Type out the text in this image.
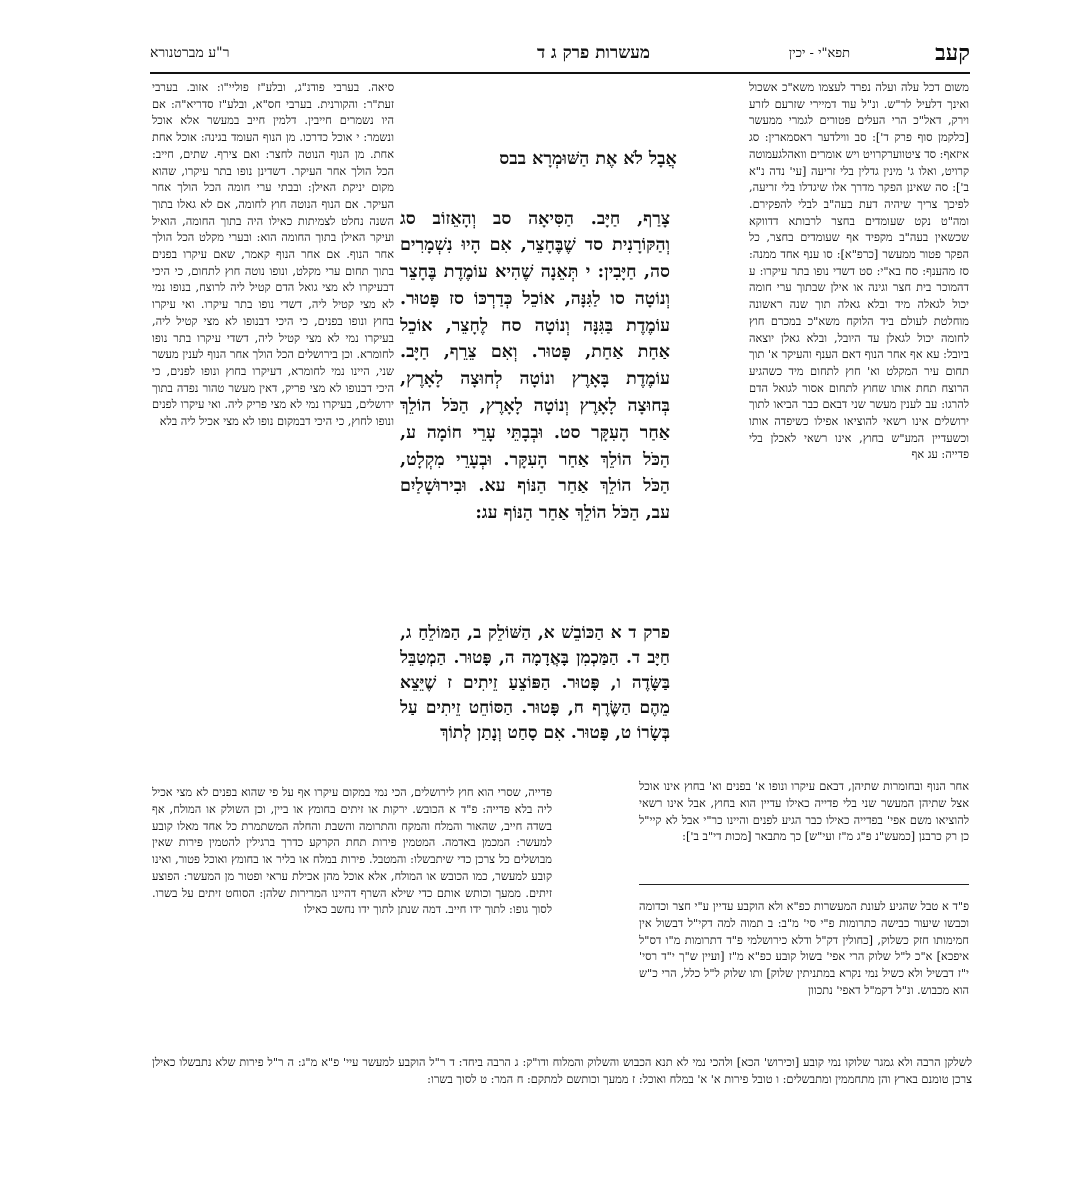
קעב
תפא"י - יכין
מעשרות פרק ג ד
ר"ע מברטנורא

משום דכל עלה ועלה נפרד לעצמו משא"כ אשכול ואינך דלעיל לר"ש. ונ"ל עוד דמיירי שזרעם לזרע וירק, דאל"כ הרי העלים פטורים לגמרי ממעשר [כלקמן סוף פרק ד']: סב ווילדער ראסמארין: סג איזאף: סד ציטווערקרויט ויש אומרים וואהלגעמוטה קרויט, ואלו ג' מינין גדלין בלי זריעה [עי' נדה נ"א ב']: סה שאינן הפקר מדרך אלו שיגדלו בלי זריעה, לפיכך צריך שיהיה דעת בעה"ב לבלי להפקירם. ומה"ט נקט שעומדים בחצר לרבותא דדווקא שכשאין בעה"ב מקפיד אף שעומדים בחצר, כל הפקר פטור ממעשר [כרפ"א]: סו ענף אחד ממנה: סז מהענף: סח בא"י: סט דשדי נופו בתר עיקרו: ע דהמוכר בית חצר וגינה או אילן שבתוך ערי חומה יכול לגאלה מיד ובלא גאלה תוך שנה ראשונה מוחלטת לעולם ביד הלוקח משא"כ במכרם חוץ לחומה יכול לגאלן עד היובל, ובלא גאלן יוצאה ביובל: עא אף אחר הנוף דאם הענף והעיקר א' תוך תחום עיר המקלט וא' חוץ לתחום מיד כשהגיע הרוצח תחת אותו שחוץ לתחום אסור לגואל הדם להרגו: עב לענין מעשר שני דבאם כבר הביאו לתוך ירושלים אינו רשאי להוציאו אפילו כשיפדה אותו וכשעדיין המע"ש בחוץ, אינו רשאי לאכלן בלי פדייה: עג אף

סיאה. בערבי פודנ"ג, ובלע"ז פוליי"ו: אזוב. בערבי זעת"ר: והקורנית. בערבי חס"א, ובלע"ז סדריא"ה: אם היו נשמרים חייבין. דלמין חייב במעשר אלא אוכל ונשמר: י אוכל כדרכו. מן הנוף העומד בגינה: אוכל אחת אחת. מן הנוף הנוטה לחצר: ואם צירף. שתים, חייב: הכל הולך אחר העיקר. דשדינן נופו בתר עיקרו, שהוא מקום יניקת האילן: ובבתי ערי חומה הכל הולך אחר העיקר. אם הנוף הנוטה חוץ לחומה, אם לא גאלו בתוך השנה נחלט לצמיתות כאילו היה בתוך החומה, הואיל ועיקר האילן בתוך החומה הוא: ובערי מקלט הכל הולך אחר הנוף. אם אחר הנוף קאמר, שאם עיקרו בפנים בתוך תחום ערי מקלט, ונופו נוטה חוץ לתחום, כי היכי דבעיקרו לא מצי גואל הדם קטיל ליה לרוצח, בנופו נמי לא מצי קטיל ליה, דשדי נופו בתר עיקרו. ואי עיקרו בחוץ ונופו בפנים, כי היכי דבנופו לא מצי קטיל ליה, בעיקרו נמי לא מצי קטיל ליה, דשדי עיקרו בתר נופו לחומרא. וכן בירושלים הכל הולך אחר הנוף לענין מעשר שני, היינו נמי לחומרא, דעיקרו בחוץ ונופו לפנים, כי היכי דבנופו לא מצי פריק, דאין מעשר טהור נפדה בתוך ירושלים, בעיקרו נמי לא מצי פריק ליה. ואי עיקרו לפנים ונופו לחוץ, כי היכי דבמקום נופו לא מצי אכיל ליה בלא

אֲבָל לֹא אֶת הַשּׁוּמְרָא בבס

צָרַף, חַיָּב. הַסִּיאָה סב וְהָאֵזוֹב סג וְהַקּוֹרָנִית סד שֶׁבֶּחָצֵר, אִם הָיוּ נִשְׁמָרִים סה, חַיָּבִין: י תְּאֵנָה שֶׁהִיא עוֹמֶדֶת בֶּחָצֵר וְנוֹטָה סו לַגִּנָּה, אוֹכֵל כְּדַרְכּוֹ סז פָּטוּר. עוֹמֶדֶת בַּגִּנָּה וְנוֹטָה סח לֶחָצֵר, אוֹכֵל אַחַת אַחַת, פָּטוּר. וְאִם צֵרֵף, חַיָּב. עוֹמֶדֶת בָּאָרֶץ ונוֹטָה לְחוּצָה לָאָרֶץ, בְּחוּצָה לָאָרֶץ וְנוֹטָה לָאָרֶץ, הַכֹּל הוֹלֵךְ אַחַר הָעִקָּר סט. וּבְבָתֵּי עָרֵי חוֹמָה ע, הַכֹּל הוֹלֵךְ אַחַר הָעִקָּר. וּבְעָרֵי מִקְלָט, הַכֹּל הוֹלֵךְ אַחַר הַנּוֹף עא. וּבִירוּשָׁלַיִם עב, הַכֹּל הוֹלֵךְ אַחַר הַנּוֹף עג:

פרק ד א הַכּוֹבֵשׁ א, הַשּׁוֹלֵק ב, הַמּוֹלֵחַ ג, חַיָּב ד. הַמַּכְמִן בָּאֲדָמָה ה, פָּטוּר. הַמְטַבֵּל בַּשָּׂדֶה ו, פָּטוּר. הַפּוֹצֵעַ זֵיתִים ז שֶׁיֵּצֵא מֵהֶם הַשֶּׂרֶף ח, פָּטוּר. הַסּוֹחֵט זֵיתִים עַל בְּשָׂרוֹ ט, פָּטוּר. אִם סָחַט וְנָתַן לְתוֹךְ

אחר הנוף ובחומרות שתיהן, דבאם עיקרו ונופו א' בפנים וא' בחוץ אינו אוכל אצל שתיהן המעשר שני בלי פדייה כאילו עדיין הוא בחוץ, אבל אינו רשאי להוציאו משם אפי' בפדייה כאילו כבר הגיע לפנים והיינו כר"י אבל לא קיי"ל כן רק כרבנן [כמעש"נ פ"ג מ"ז ועי"ש] כך מתבאר [מכות די"ב ב']:

פדייה, שסרי הוא חוץ לירושלים, הכי נמי במקום עיקרו אף על פי שהוא בפנים לא מצי אכיל ליה בלא פדייה: פ"ד א הכובש. ירקות או זיתים בחומץ או ביין, וכן השולק או המולח, אף בשדה חייב, שהאור והמלח והמקח והתרומה והשבת והחלה המשתמרת כל אחד מאלו קובע למעשר: המכמן באדמה. המטמין פירות תחת הקרקע כדרך ברגילין להטמין פירות שאין מבושלים כל צרכן כדי שיתבשלו: והמטבל. פירות במלח או בליר או בחומץ ואוכל פטור, ואינו קובע למעשר, כמו הכובש או המולח, אלא אוכל מהן אכילת עראי ופטור מן המעשר: הפוצע זיתים. ממעך וכותש אותם כדי שילא השרף דהיינו המרירות שלהן: הסוחט זיתים על בשרו. לסוך גופו: לתוך ידו חייב. דמה שנתן לתוך ידו נחשב כאילו	פ"ד א טבל שהגיע לעונת המעשרות כפ"א ולא הוקבע עדיין ע"י חצר וכדומה וכבשו שיעור כבישה כתרומות פ"י סי' מ"ב: ב תמוה למה דקי"ל דבשול אין חמימותו חזק כשלוק, [כחולין דק"ל ודלא כירושלמי פ"ד דתרומות מ"ו דס"ל איפכא] א"כ ל"ל שלוק הרי אפי' בשול קובע כפ"א מ"ז [ועיין ש"ך י"ד רסי' י"ז דבשיל ולא כשיל נמי נקרא במתניתין שלוק] ותו שלוק ל"ל כלל, הרי כ"ש הוא מכבוש. ונ"ל דקמ"ל דאפי' נתכוון

לשלקן הרבה ולא גמגר שלוקו נמי קובע [וכירוש' הכא] ולהכי נמי לא תנא הכבוש והשלוק והמלוח ודו"ק: ג הרבה ביחד: ד ר"ל הוקבע למעשר עיי' פ"א מ"ג: ה ר"ל פירות שלא נתבשלו כאילן צרכן טומנם בארץ והן מתחממין ומתבשלים: ו טובל פירות א' א' במלח ואוכל: ז ממעך וכותשם למתקם: ח המר: ט לסוך בשרו:
